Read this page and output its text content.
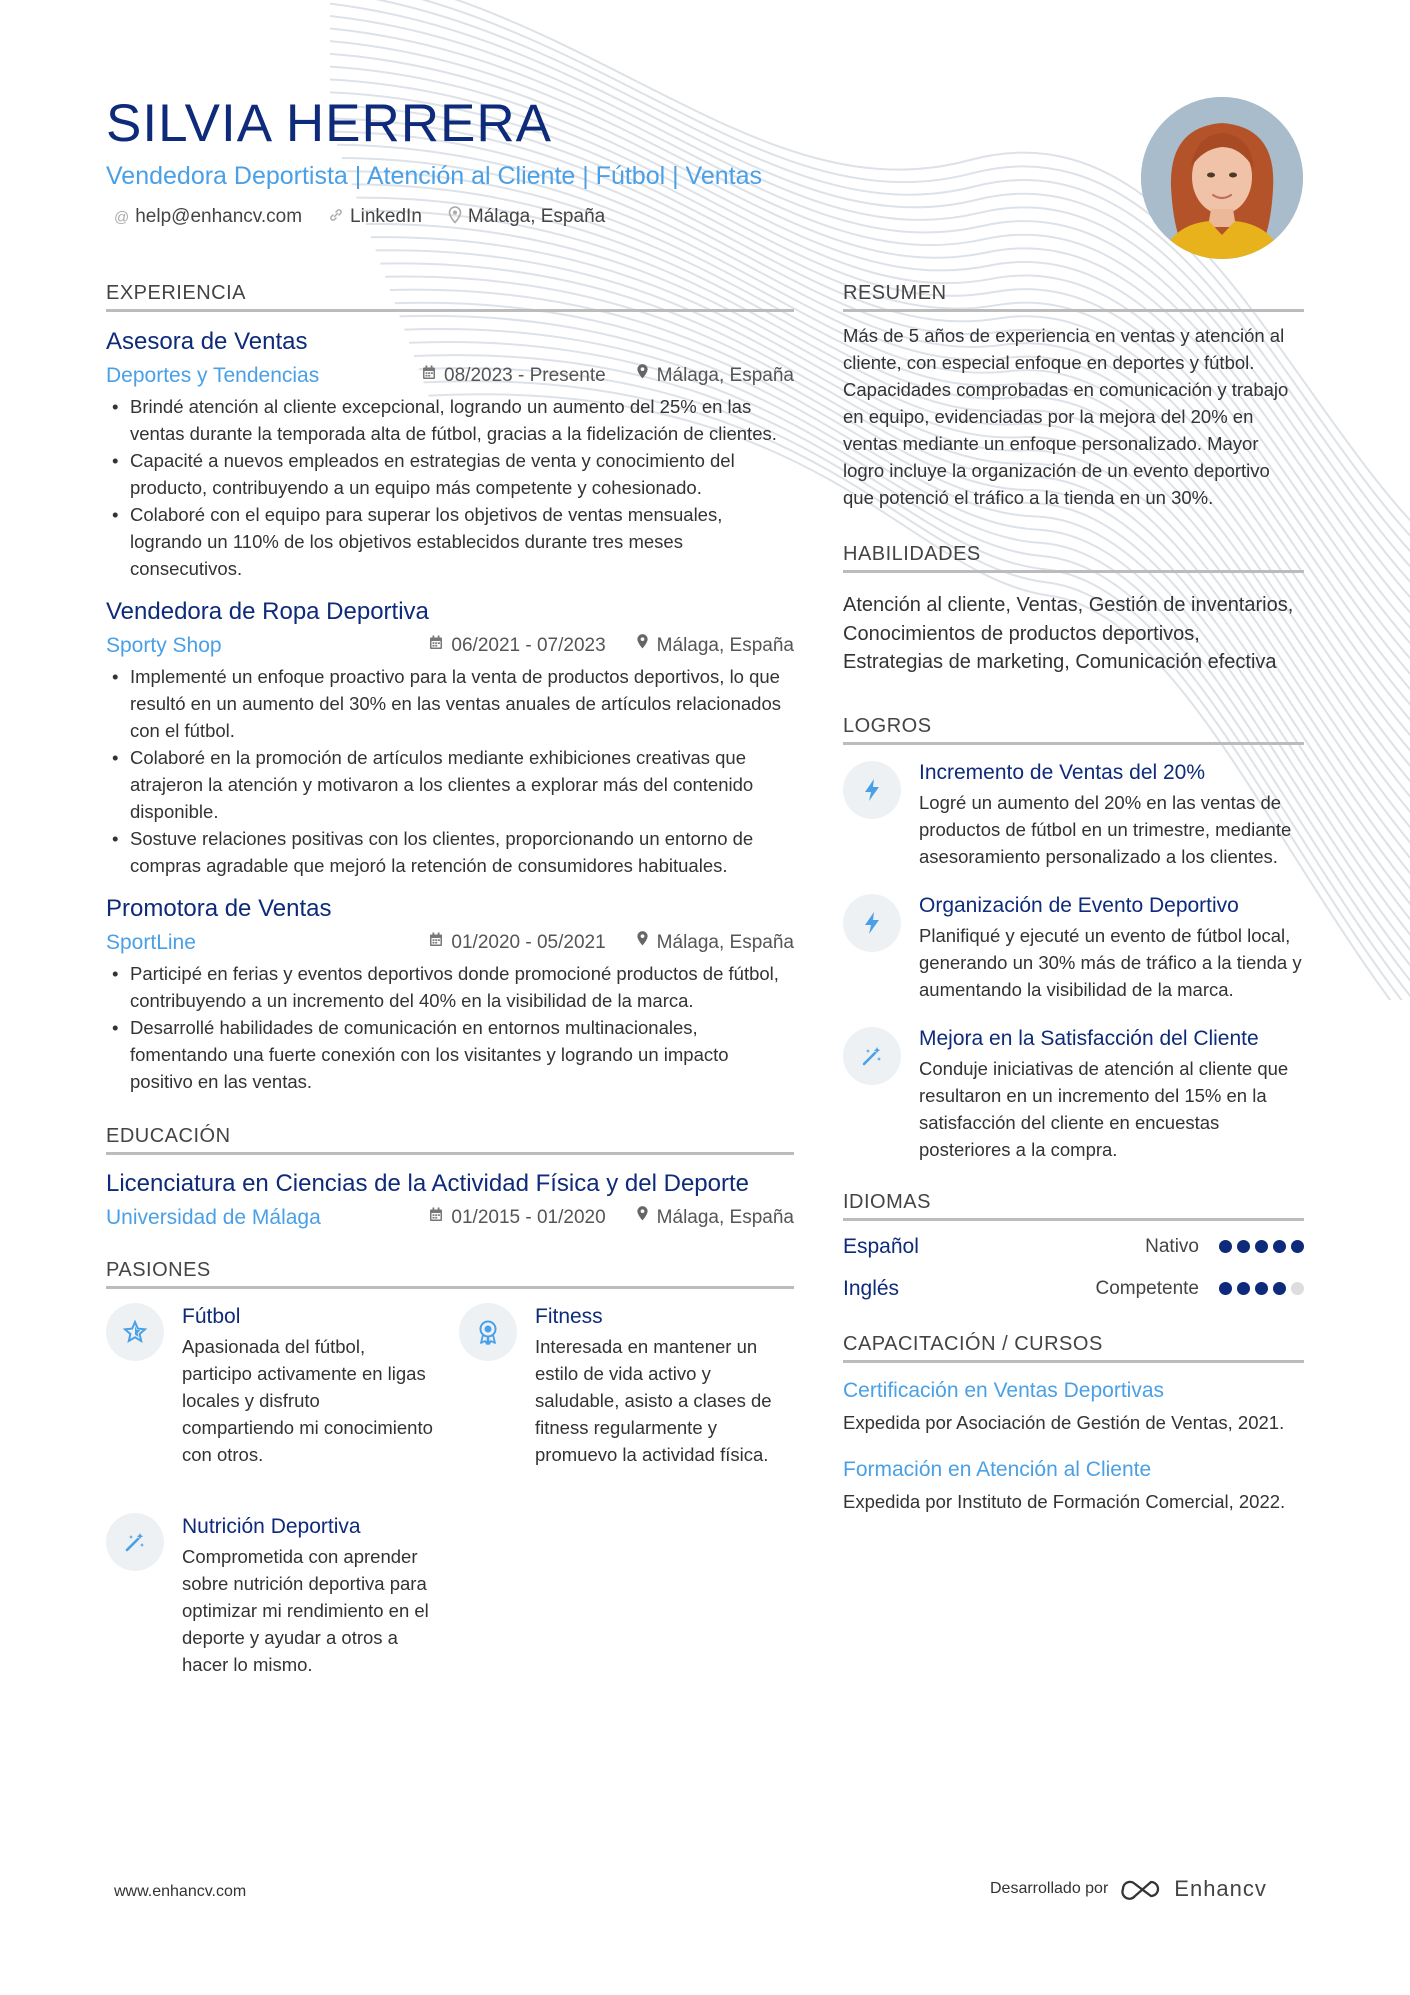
SILVIA HERRERA
Vendedora Deportista | Atención al Cliente | Fútbol | Ventas
@ help@enhancv.com	LinkedIn Málaga, España
EXPERIENCIA
Asesora de Ventas
Deportes y Tendencias	08/2023 - Presente	Málaga, España
• Brindé atención al cliente excepcional, logrando un aumento del 25% en las ventas durante la temporada alta de fútbol, gracias a la fidelización de clientes.
• Capacité a nuevos empleados en estrategias de venta y conocimiento del producto, contribuyendo a un equipo más competente y cohesionado.
• Colaboré con el equipo para superar los objetivos de ventas mensuales, logrando un 110% de los objetivos establecidos durante tres meses consecutivos.
Vendedora de Ropa Deportiva
Sporty Shop	06/2021 - 07/2023	Málaga, España
• Implementé un enfoque proactivo para la venta de productos deportivos, lo que resultó en un aumento del 30% en las ventas anuales de artículos relacionados con el fútbol.
• Colaboré en la promoción de artículos mediante exhibiciones creativas que atrajeron la atención y motivaron a los clientes a explorar más del contenido disponible.
• Sostuve relaciones positivas con los clientes, proporcionando un entorno de compras agradable que mejoró la retención de consumidores habituales.
Promotora de Ventas
SportLine	01/2020 - 05/2021	Málaga, España
• Participé en ferias y eventos deportivos donde promocioné productos de fútbol, contribuyendo a un incremento del 40% en la visibilidad de la marca.
• Desarrollé habilidades de comunicación en entornos multinacionales, fomentando una fuerte conexión con los visitantes y logrando un impacto positivo en las ventas.
EDUCACIÓN
Licenciatura en Ciencias de la Actividad Física y del Deporte
Universidad de Málaga	01/2015 - 01/2020	Málaga, España
PASIONES
Fútbol
Apasionada del fútbol, participo activamente en ligas locales y disfruto compartiendo mi conocimiento con otros.
Fitness
Interesada en mantener un estilo de vida activo y saludable, asisto a clases de fitness regularmente y promuevo la actividad física.
Nutrición Deportiva
Comprometida con aprender sobre nutrición deportiva para optimizar mi rendimiento en el deporte y ayudar a otros a hacer lo mismo.
RESUMEN
Más de 5 años de experiencia en ventas y atención al cliente, con especial enfoque en deportes y fútbol. Capacidades comprobadas en comunicación y trabajo en equipo, evidenciadas por la mejora del 20% en ventas mediante un enfoque personalizado. Mayor logro incluye la organización de un evento deportivo que potenció el tráfico a la tienda en un 30%.
HABILIDADES
Atención al cliente, Ventas, Gestión de inventarios, Conocimientos de productos deportivos, Estrategias de marketing, Comunicación efectiva
LOGROS
Incremento de Ventas del 20%
Logré un aumento del 20% en las ventas de productos de fútbol en un trimestre, mediante asesoramiento personalizado a los clientes.
Organización de Evento Deportivo
Planifiqué y ejecuté un evento de fútbol local, generando un 30% más de tráfico a la tienda y aumentando la visibilidad de la marca.
Mejora en la Satisfacción del Cliente
Conduje iniciativas de atención al cliente que resultaron en un incremento del 15% en la satisfacción del cliente en encuestas posteriores a la compra.
IDIOMAS
Español	Nativo
Inglés	Competente
CAPACITACIÓN / CURSOS
Certificación en Ventas Deportivas
Expedida por Asociación de Gestión de Ventas, 2021.
Formación en Atención al Cliente
Expedida por Instituto de Formación Comercial, 2022.
www.enhancv.com	Desarrollado por	Enhancv
